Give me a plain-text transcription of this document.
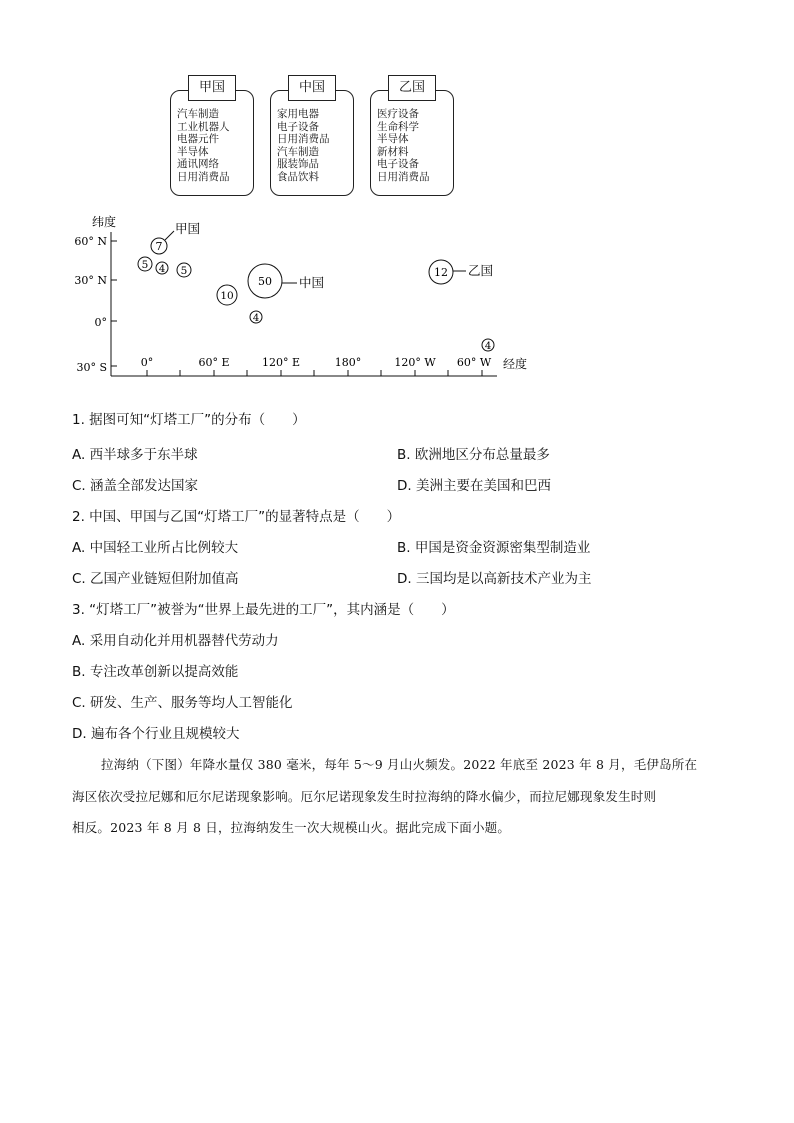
甲国
汽车制造
工业机器人
电器元件
半导体
通讯网络
日用消费品
中国
家用电器
电子设备
日用消费品
汽车制造
服装饰品
食品饮料
乙国
医疗设备
生命科学
半导体
新材料
电子设备
日用消费品
纬度
经度
60° N
30° N
0°
30° S	0°	60° E	120° E	180°	120° W 60° W
7
5 4 5
50
10
4
12
4
甲国
中国
乙国
1. 据图可知“灯塔工厂”的分布（　　）
A. 西半球多于东半球	B. 欧洲地区分布总量最多
C. 涵盖全部发达国家	D. 美洲主要在美国和巴西
2. 中国、甲国与乙国“灯塔工厂”的显著特点是（　　）
A. 中国轻工业所占比例较大	B. 甲国是资金资源密集型制造业
C. 乙国产业链短但附加值高	D. 三国均是以高新技术产业为主
3. “灯塔工厂”被誉为“世界上最先进的工厂”，其内涵是（　　）
A. 采用自动化并用机器替代劳动力
B. 专注改革创新以提高效能
C. 研发、生产、服务等均人工智能化
D. 遍布各个行业且规模较大
拉海纳（下图）年降水量仅 380 毫米，每年 5～9 月山火频发。2022 年底至 2023 年 8 月，毛伊岛所在
海区依次受拉尼娜和厄尔尼诺现象影响。厄尔尼诺现象发生时拉海纳的降水偏少，而拉尼娜现象发生时则
相反。2023 年 8 月 8 日，拉海纳发生一次大规模山火。据此完成下面小题。
